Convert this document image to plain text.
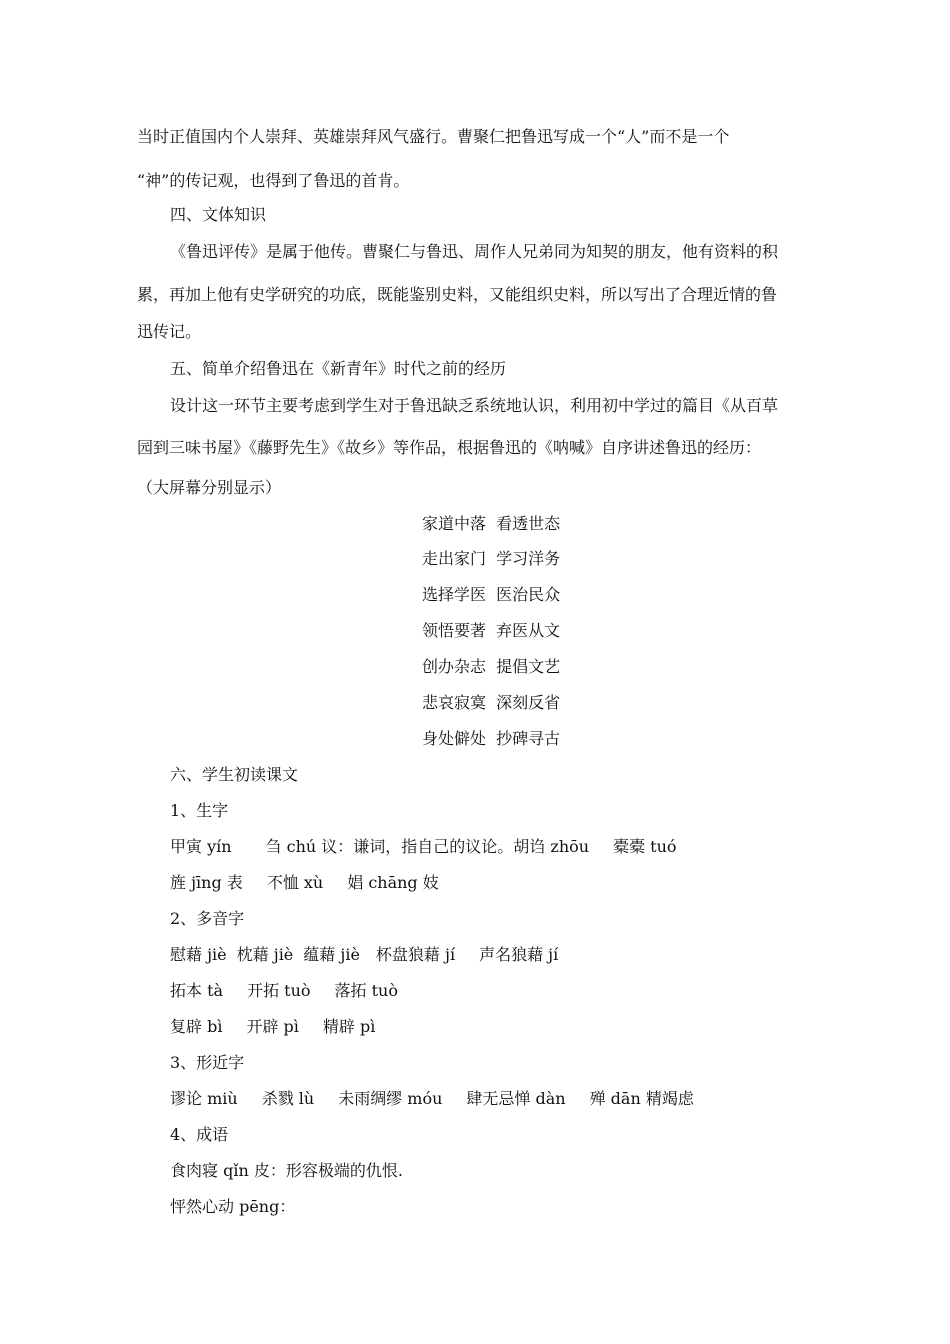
当时正值国内个人崇拜、英雄崇拜风气盛行。曹聚仁把鲁迅写成一个“人”而不是一个
“神”的传记观，也得到了鲁迅的首肯。
四、文体知识
《鲁迅评传》是属于他传。曹聚仁与鲁迅、周作人兄弟同为知契的朋友，他有资料的积
累，再加上他有史学研究的功底，既能鉴别史料，又能组织史料，所以写出了合理近情的鲁
迅传记。
五、简单介绍鲁迅在《新青年》时代之前的经历
设计这一环节主要考虑到学生对于鲁迅缺乏系统地认识，利用初中学过的篇目《从百草
园到三味书屋》《藤野先生》《故乡》等作品，根据鲁迅的《呐喊》自序讲述鲁迅的经历：
（大屏幕分别显示）
家道中落  看透世态
走出家门  学习洋务
选择学医  医治民众
领悟要著  弃医从文
创办杂志  提倡文艺
悲哀寂寞  深刻反省
身处僻处  抄碑寻古
六、学生初读课文
1、生字
甲寅 yín 刍 chú 议：谦词，指自己的议论。胡诌 zhōu 橐橐 tuó
旌 jīng 表 不恤 xù 娼 chāng 妓
2、多音字
慰藉 jiè 枕藉 jiè 蕴藉 jiè 杯盘狼藉 jí 声名狼藉 jí
拓本 tà 开拓 tuò 落拓 tuò
复辟 bì 开辟 pì 精辟 pì
3、形近字
谬论 miù 杀戮 lù 未雨绸缪 móu 肆无忌惮 dàn 殚 dān 精竭虑
4、成语
食肉寝 qǐn 皮：形容极端的仇恨.
怦然心动 pēng：
